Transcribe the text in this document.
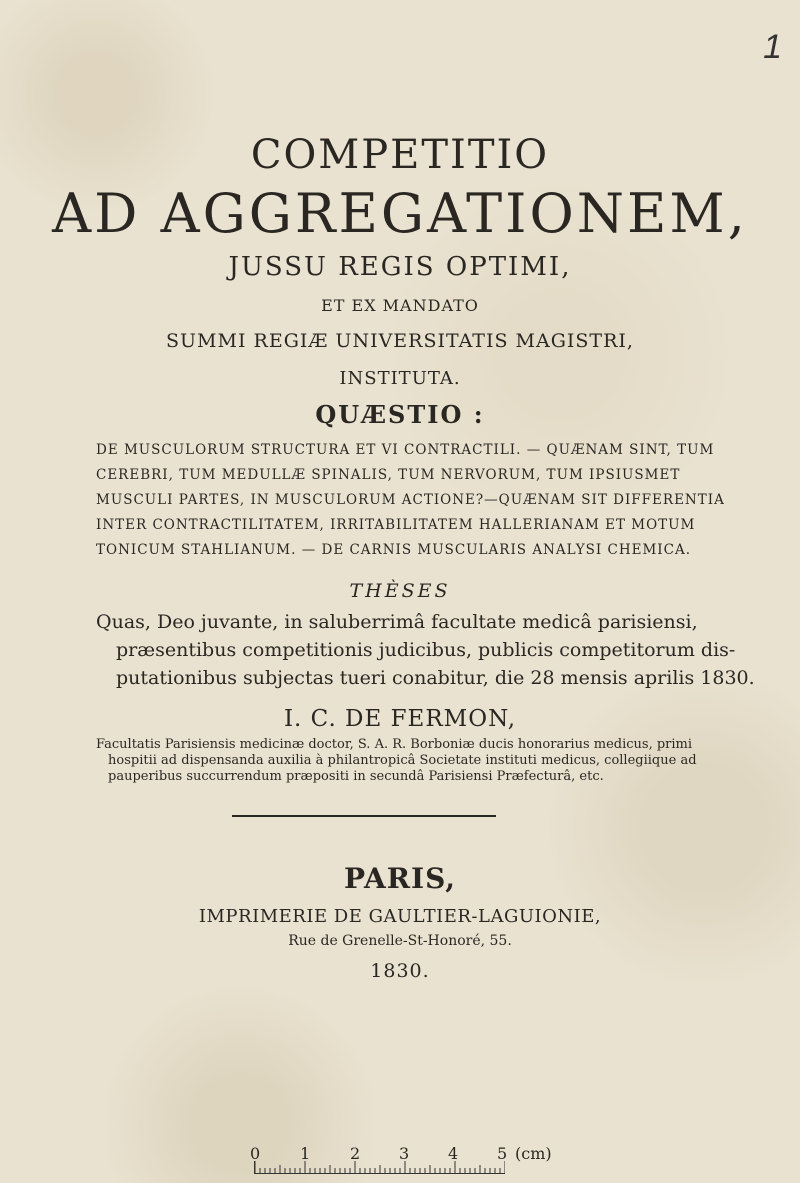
1
COMPETITIO
AD AGGREGATIONEM,
JUSSU REGIS OPTIMI,
ET EX MANDATO
SUMMI REGIÆ UNIVERSITATIS MAGISTRI,
INSTITUTA.
QUÆSTIO :
DE MUSCULORUM STRUCTURA ET VI CONTRACTILI. — QUÆNAM SINT, TUM
CEREBRI, TUM MEDULLÆ SPINALIS, TUM NERVORUM, TUM IPSIUSMET
MUSCULI PARTES, IN MUSCULORUM ACTIONE?—QUÆNAM SIT DIFFERENTIA
INTER CONTRACTILITATEM, IRRITABILITATEM HALLERIANAM ET MOTUM
TONICUM STAHLIANUM. — DE CARNIS MUSCULARIS ANALYSI CHEMICA.
THÈSES
Quas, Deo juvante, in saluberrimâ facultate medicâ parisiensi,
præsentibus competitionis judicibus, publicis competitorum dis-
putationibus subjectas tueri conabitur, die 28 mensis aprilis 1830.
I. C. DE FERMON,
Facultatis Parisiensis medicinæ doctor, S. A. R. Borboniæ ducis honorarius medicus, primi
hospitii ad dispensanda auxilia à philantropicâ Societate instituti medicus, collegiique ad
pauperibus succurrendum præpositi in secundâ Parisiensi Præfecturâ, etc.
PARIS,
IMPRIMERIE DE GAULTIER-LAGUIONIE,
Rue de Grenelle-St-Honoré, 55.
1830.
0 1 2 3 4 5 (cm)
